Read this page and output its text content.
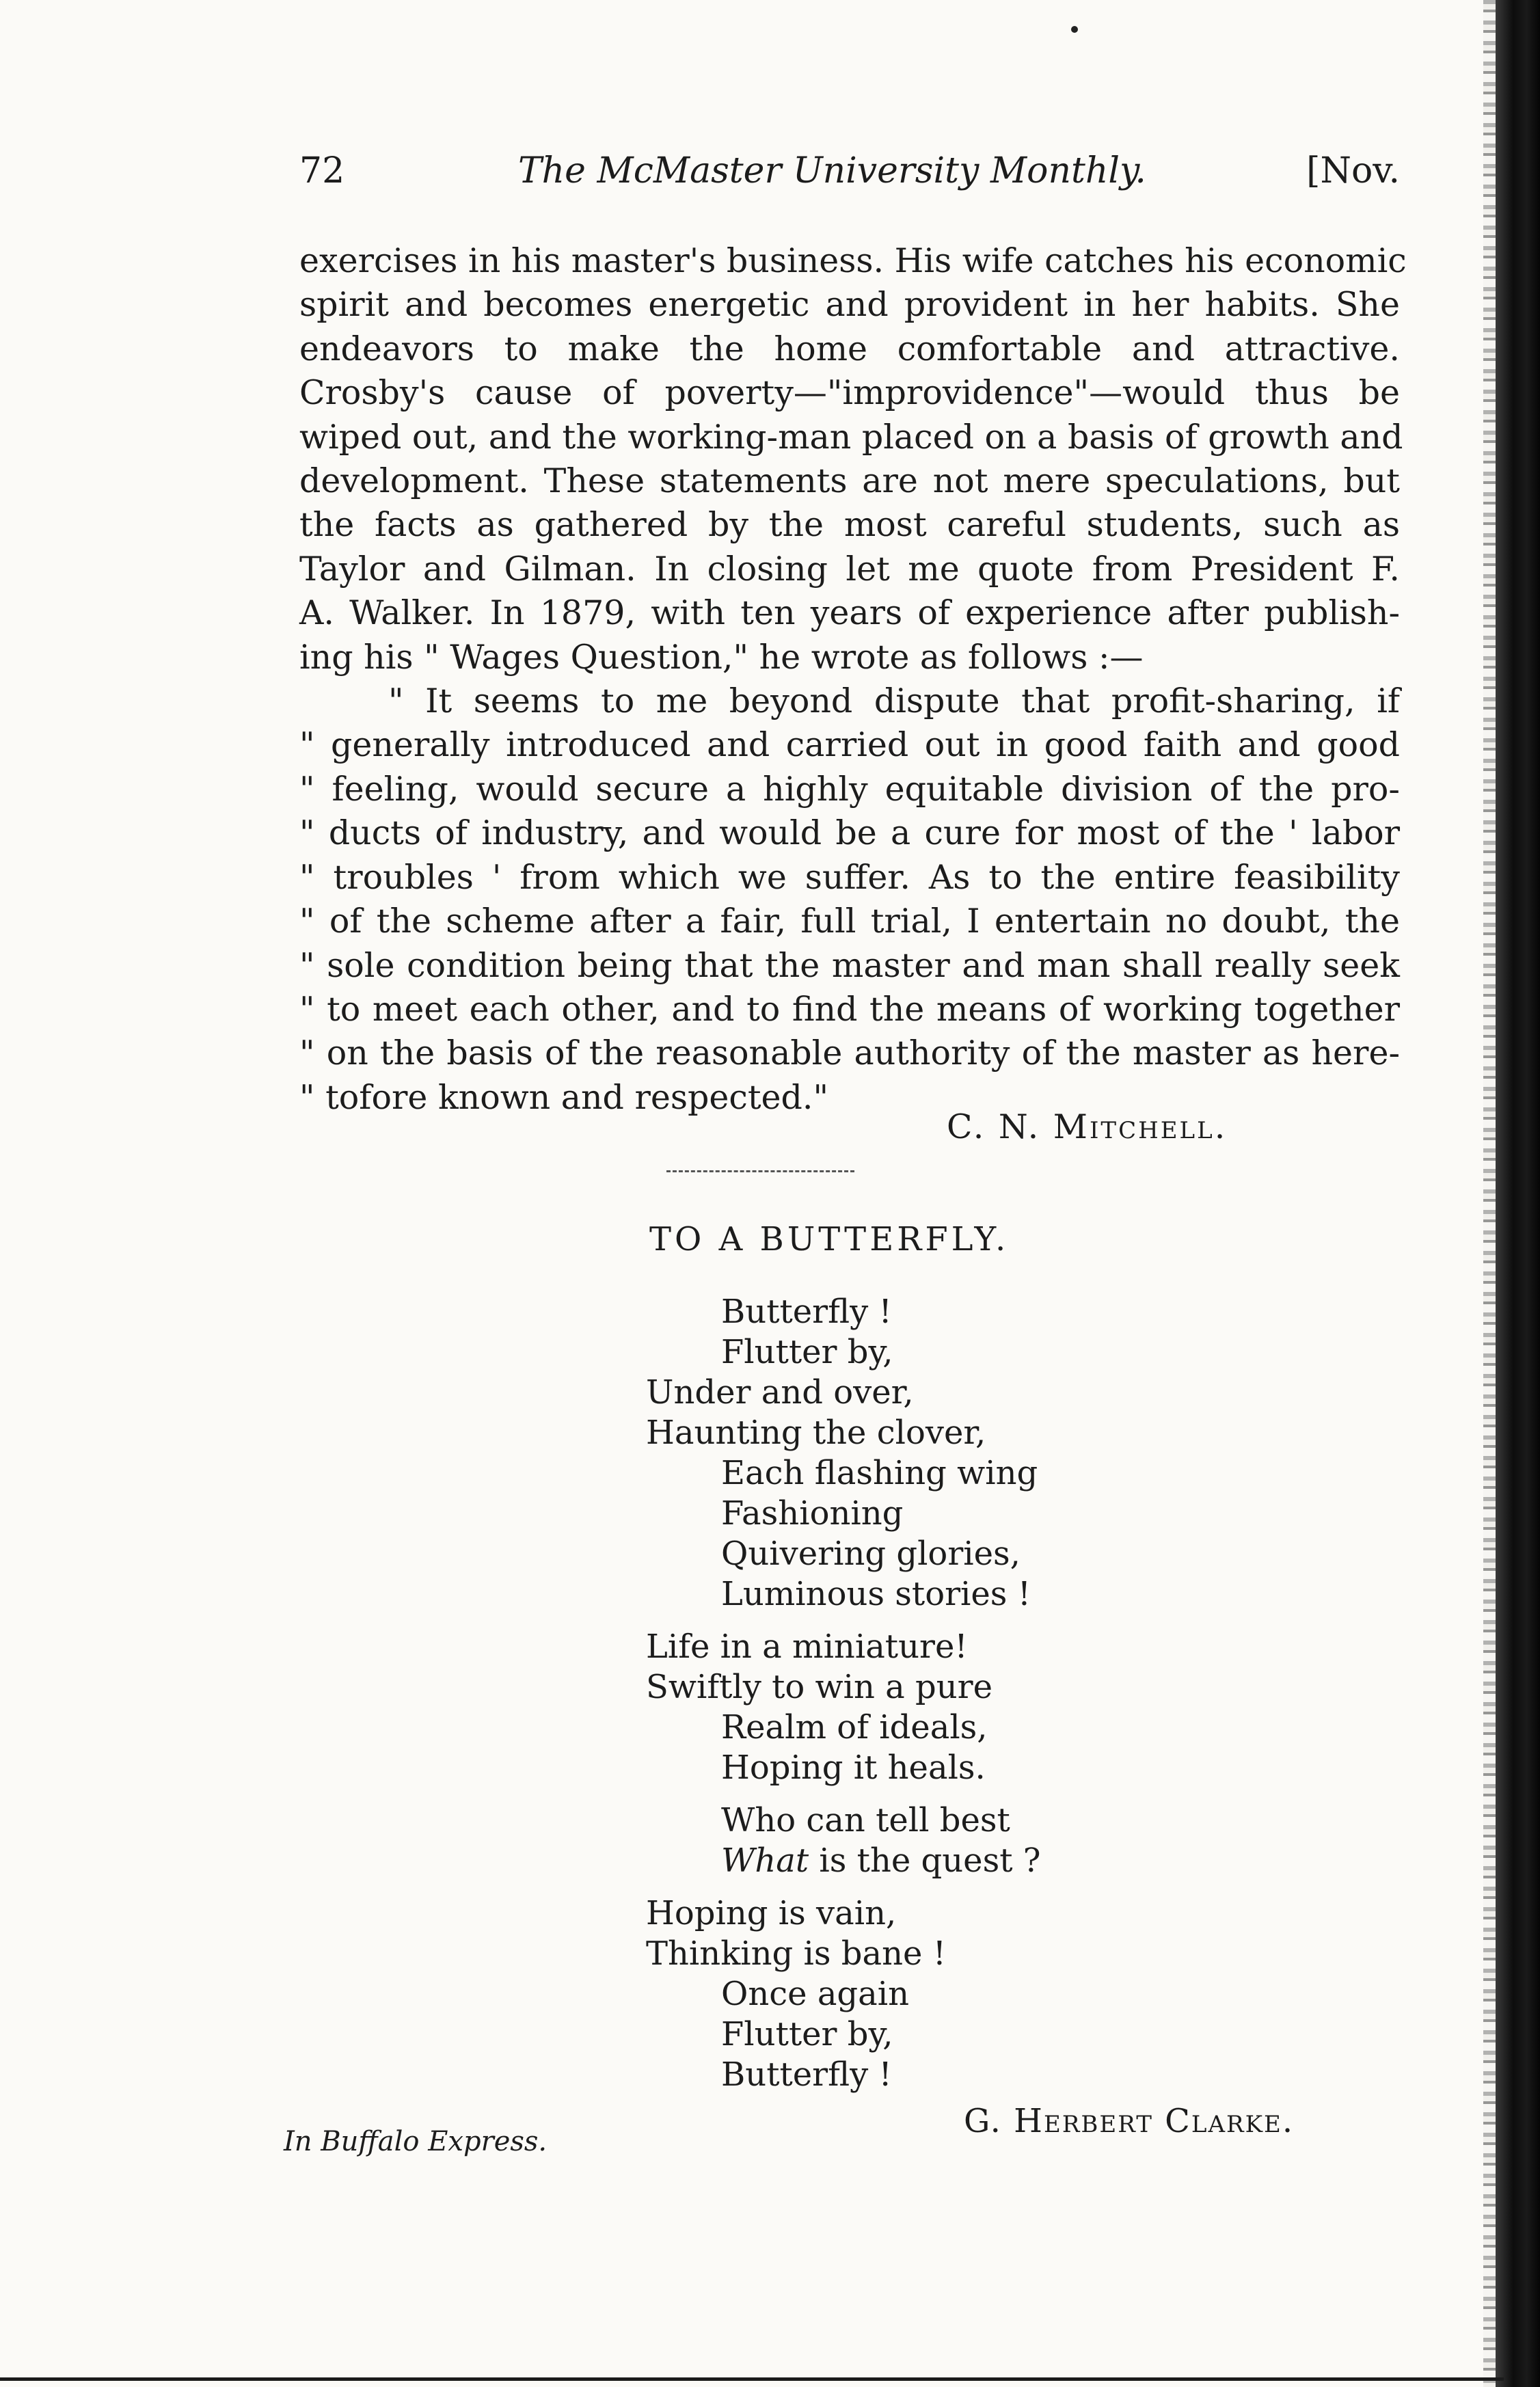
72	The McMaster University Monthly.	[Nov.
exercises in his master's business. His wife catches his economic
spirit and becomes energetic and provident in her habits. She
endeavors to make the home comfortable and attractive.
Crosby's cause of poverty—"improvidence"—would thus be
wiped out, and the working-man placed on a basis of growth and
development. These statements are not mere speculations, but
the facts as gathered by the most careful students, such as
Taylor and Gilman. In closing let me quote from President F.
A. Walker. In 1879, with ten years of experience after publish-
ing his " Wages Question," he wrote as follows :—
" It seems to me beyond dispute that profit-sharing, if
" generally introduced and carried out in good faith and good
" feeling, would secure a highly equitable division of the pro-
" ducts of industry, and would be a cure for most of the ' labor
" troubles ' from which we suffer. As to the entire feasibility
" of the scheme after a fair, full trial, I entertain no doubt, the
" sole condition being that the master and man shall really seek
" to meet each other, and to find the means of working together
" on the basis of the reasonable authority of the master as here-
" tofore known and respected."
C. N. Mitchell.
TO A BUTTERFLY.
Butterfly !
Flutter by,
Under and over,
Haunting the clover,
Each flashing wing
Fashioning
Quivering glories,
Luminous stories !
Life in a miniature!
Swiftly to win a pure
Realm of ideals,
Hoping it heals.
Who can tell best
What is the quest ?
Hoping is vain,
Thinking is bane !
Once again
Flutter by,
Butterfly !
G. Herbert Clarke.
In Buffalo Express.
